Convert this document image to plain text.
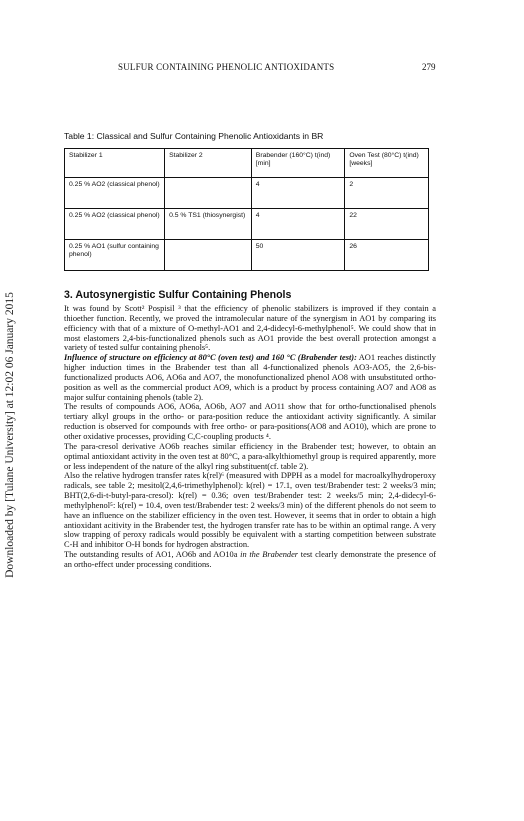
Downloaded by [Tulane University] at 12:02 06 January 2015
SULFUR CONTAINING PHENOLIC ANTIOXIDANTS	279
Table 1: Classical and Sulfur Containing Phenolic Antioxidants in BR
Stabilizer 1	Stabilizer 2	Brabender (160°C) t(ind)[min]	Oven Test (80°C) t(ind)[weeks]
0.25 % AO2 (classical phenol)		4	2
0.25 % AO2 (classical phenol)	0.5 % TS1 (thiosynergist)	4	22
0.25 % AO1 (sulfur containing phenol)		50	26
3. Autosynergistic Sulfur Containing Phenols

It was found by Scott² Pospisil ³ that the efficiency of phenolic stabilizers is improved if they contain a thioether function. Recently, we proved the intramolecular nature of the synergism in AO1 by comparing its efficiency with that of a mixture of O-methyl-AO1 and 2,4-didecyl-6-methylphenol⁵. We could show that in most elastomers 2,4-bis-functionalized phenols such as AO1 provide the best overall protection amongst a variety of tested sulfur containing phenols⁵.

Influence of structure on efficiency at 80°C (oven test) and 160 °C (Brabender test): AO1 reaches distinctly higher induction times in the Brabender test than all 4-functionalized phenols AO3-AO5, the 2,6-bis-functionalized products AO6, AO6a and AO7, the monofunctionalized phenol AO8 with unsubstituted ortho-position as well as the commercial product AO9, which is a product by process containing AO7 and AO8 as major sulfur containing phenols (table 2).

The results of compounds AO6, AO6a, AO6b, AO7 and AO11 show that for ortho-functionalised phenols tertiary alkyl groups in the ortho- or para-position reduce the antioxidant activity significantly. A similar reduction is observed for compounds with free ortho- or para-positions(AO8 and AO10), which are prone to other oxidative processes, providing C,C-coupling products ⁴.

The para-cresol derivative AO6b reaches similar efficiency in the Brabender test; however, to obtain an optimal antioxidant activity in the oven test at 80°C, a para-alkylthiomethyl group is required apparently, more or less independent of the nature of the alkyl ring substituent(cf. table 2).

Also the relative hydrogen transfer rates k(rel)⁶ (measured with DPPH as a model for macroalkylhydroperoxy radicals, see table 2; mesitol(2,4,6-trimethylphenol): k(rel) = 17.1, oven test/Brabender test: 2 weeks/3 min; BHT(2,6-di-t-butyl-para-cresol): k(rel) = 0.36; oven test/Brabender test: 2 weeks/5 min; 2,4-didecyl-6-methylphenol⁵: k(rel) = 10.4, oven test/Brabender test: 2 weeks/3 min) of the different phenols do not seem to have an influence on the stabilizer efficiency in the oven test. However, it seems that in order to obtain a high antioxidant acitivity in the Brabender test, the hydrogen transfer rate has to be within an optimal range. A very slow trapping of peroxy radicals would possibly be equivalent with a starting competition between substrate C-H and inhibitor O-H bonds for hydrogen abstraction.

The outstanding results of AO1, AO6b and AO10a in the Brabender test clearly demonstrate the presence of an ortho-effect under processing conditions.
